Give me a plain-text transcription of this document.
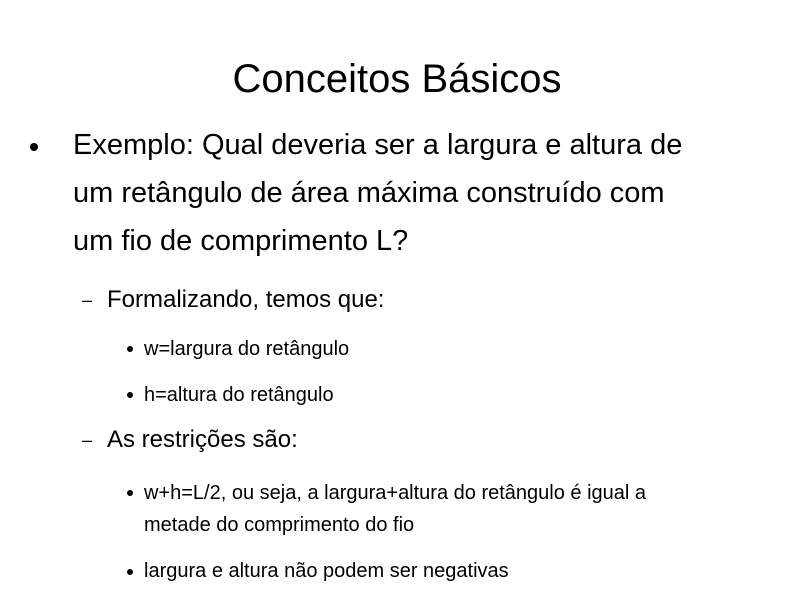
Conceitos Básicos
Exemplo: Qual deveria ser a largura e altura de
um retângulo de área máxima construído com
um fio de comprimento L?
– Formalizando, temos que:
w=largura do retângulo
h=altura do retângulo
– As restrições são:
w+h=L/2, ou seja, a largura+altura do retângulo é igual a
metade do comprimento do fio
largura e altura não podem ser negativas
